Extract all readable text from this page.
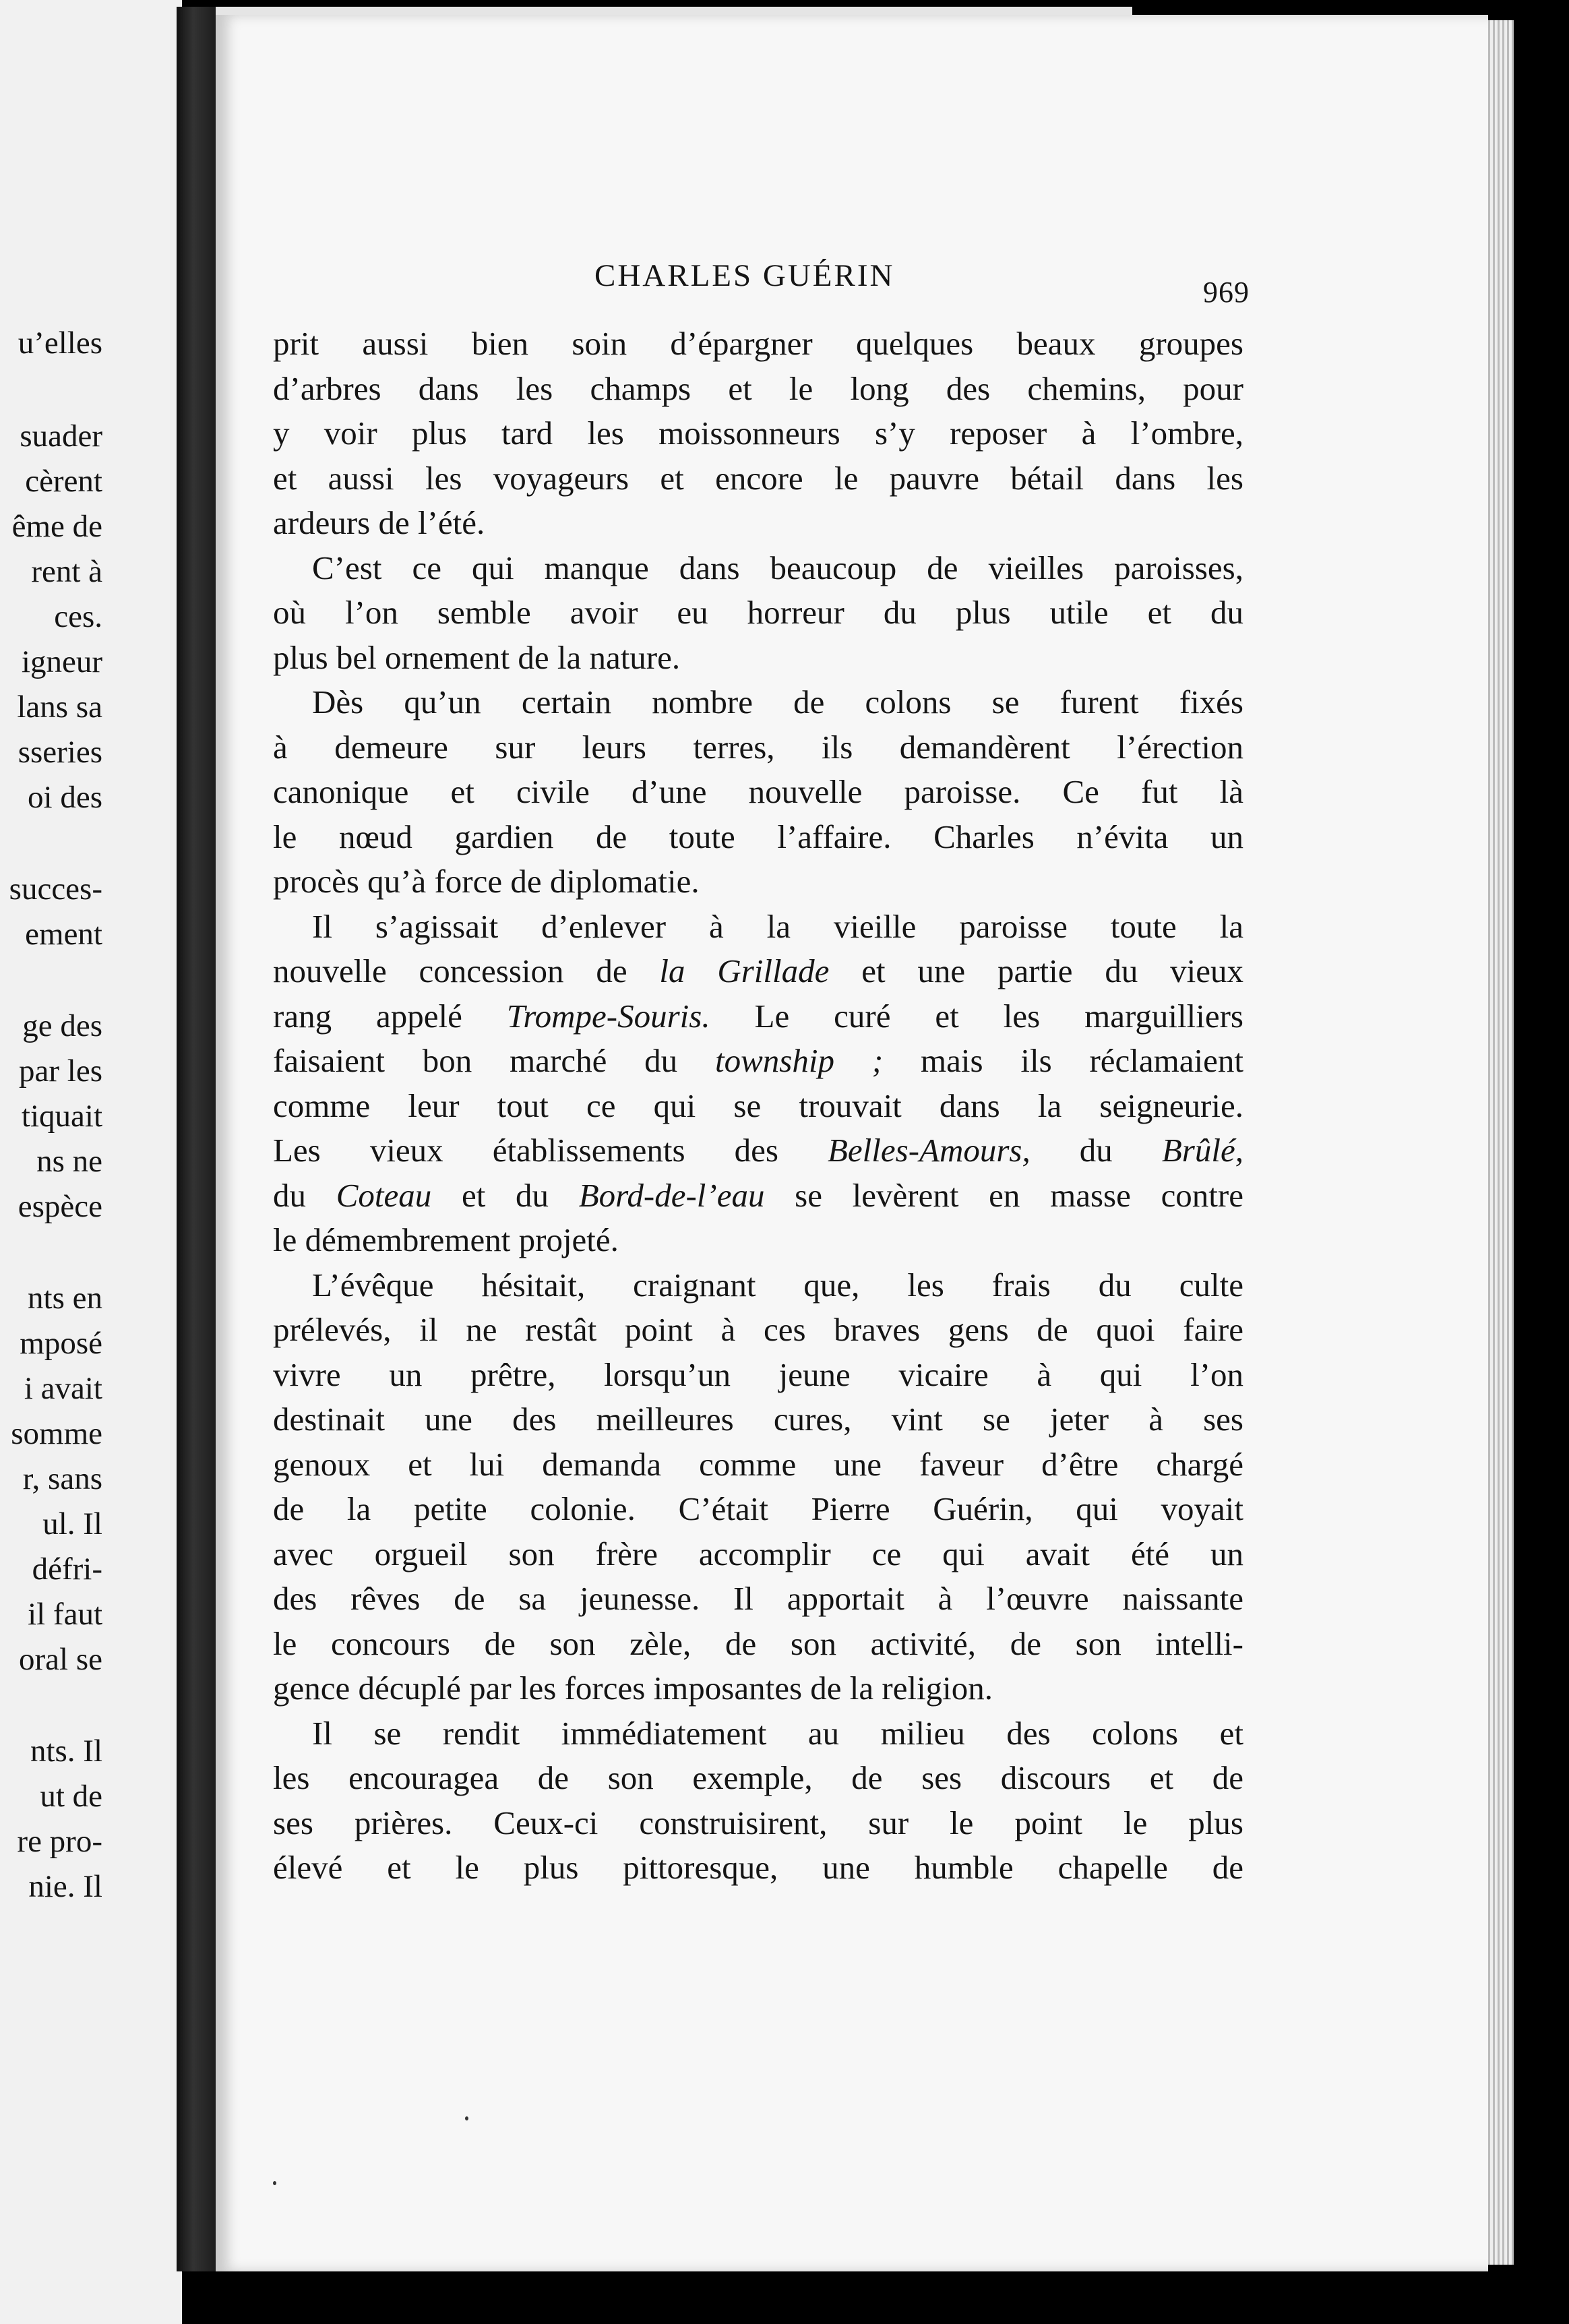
u’elles
suader
cèrent
ême de
rent à
ces.
igneur
lans sa
sseries
oi des
succes-
ement
ge des
par les
tiquait
ns ne
espèce
nts en
mposé
i avait
somme
r, sans
ul. Il
défri-
il faut
oral se
nts. Il
ut de
re pro-
nie. Il
CHARLES GUÉRIN	969
prit aussi bien soin d’épargner quelques beaux groupes
d’arbres dans les champs et le long des chemins, pour
y voir plus tard les moissonneurs s’y reposer à l’ombre,
et aussi les voyageurs et encore le pauvre bétail dans les
ardeurs de l’été.
C’est ce qui manque dans beaucoup de vieilles paroisses,
où l’on semble avoir eu horreur du plus utile et du
plus bel ornement de la nature.
Dès qu’un certain nombre de colons se furent fixés
à demeure sur leurs terres, ils demandèrent l’érection
canonique et civile d’une nouvelle paroisse. Ce fut là
le nœud gardien de toute l’affaire. Charles n’évita un
procès qu’à force de diplomatie.
Il s’agissait d’enlever à la vieille paroisse toute la
nouvelle concession de la Grillade et une partie du vieux
rang appelé Trompe-Souris. Le curé et les marguilliers
faisaient bon marché du township ; mais ils réclamaient
comme leur tout ce qui se trouvait dans la seigneurie.
Les vieux établissements des Belles-Amours, du Brûlé,
du Coteau et du Bord-de-l’eau se levèrent en masse contre
le démembrement projeté.
L’évêque hésitait, craignant que, les frais du culte
prélevés, il ne restât point à ces braves gens de quoi faire
vivre un prêtre, lorsqu’un jeune vicaire à qui l’on
destinait une des meilleures cures, vint se jeter à ses
genoux et lui demanda comme une faveur d’être chargé
de la petite colonie. C’était Pierre Guérin, qui voyait
avec orgueil son frère accomplir ce qui avait été un
des rêves de sa jeunesse. Il apportait à l’œuvre naissante
le concours de son zèle, de son activité, de son intelli-
gence décuplé par les forces imposantes de la religion.
Il se rendit immédiatement au milieu des colons et
les encouragea de son exemple, de ses discours et de
ses prières. Ceux-ci construisirent, sur le point le plus
élevé et le plus pittoresque, une humble chapelle de
